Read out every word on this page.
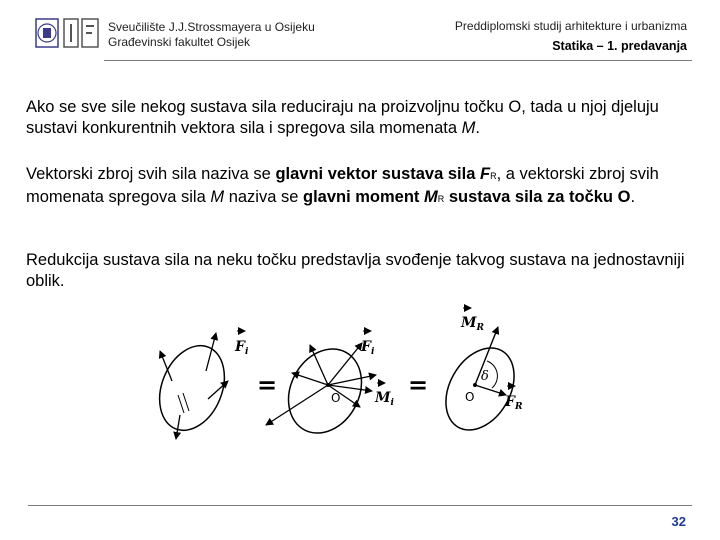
Sveučilište J.J.Strossmayera u Osijeku
Građevinski fakultet Osijek
Preddiplomski studij arhitekture i urbanizma
Statika – 1. predavanja

Ako se sve sile nekog sustava sila reduciraju na proizvoljnu točku O, tada u njoj djeluju sustavi konkurentnih vektora sila i spregova sila momenata M.

Vektorski zbroj svih sila naziva se glavni vektor sustava sila FR, a vektorski zbroj svih momenata spregova sila M naziva se glavni moment MR sustava sila za točku O.

Redukcija sustava sila na neku točku predstavlja svođenje takvog sustava na jednostavniji oblik.

$F_i$
=	O
$F_i$
$M_i$
=	O
δ
$M_R$
$F_R$
32
